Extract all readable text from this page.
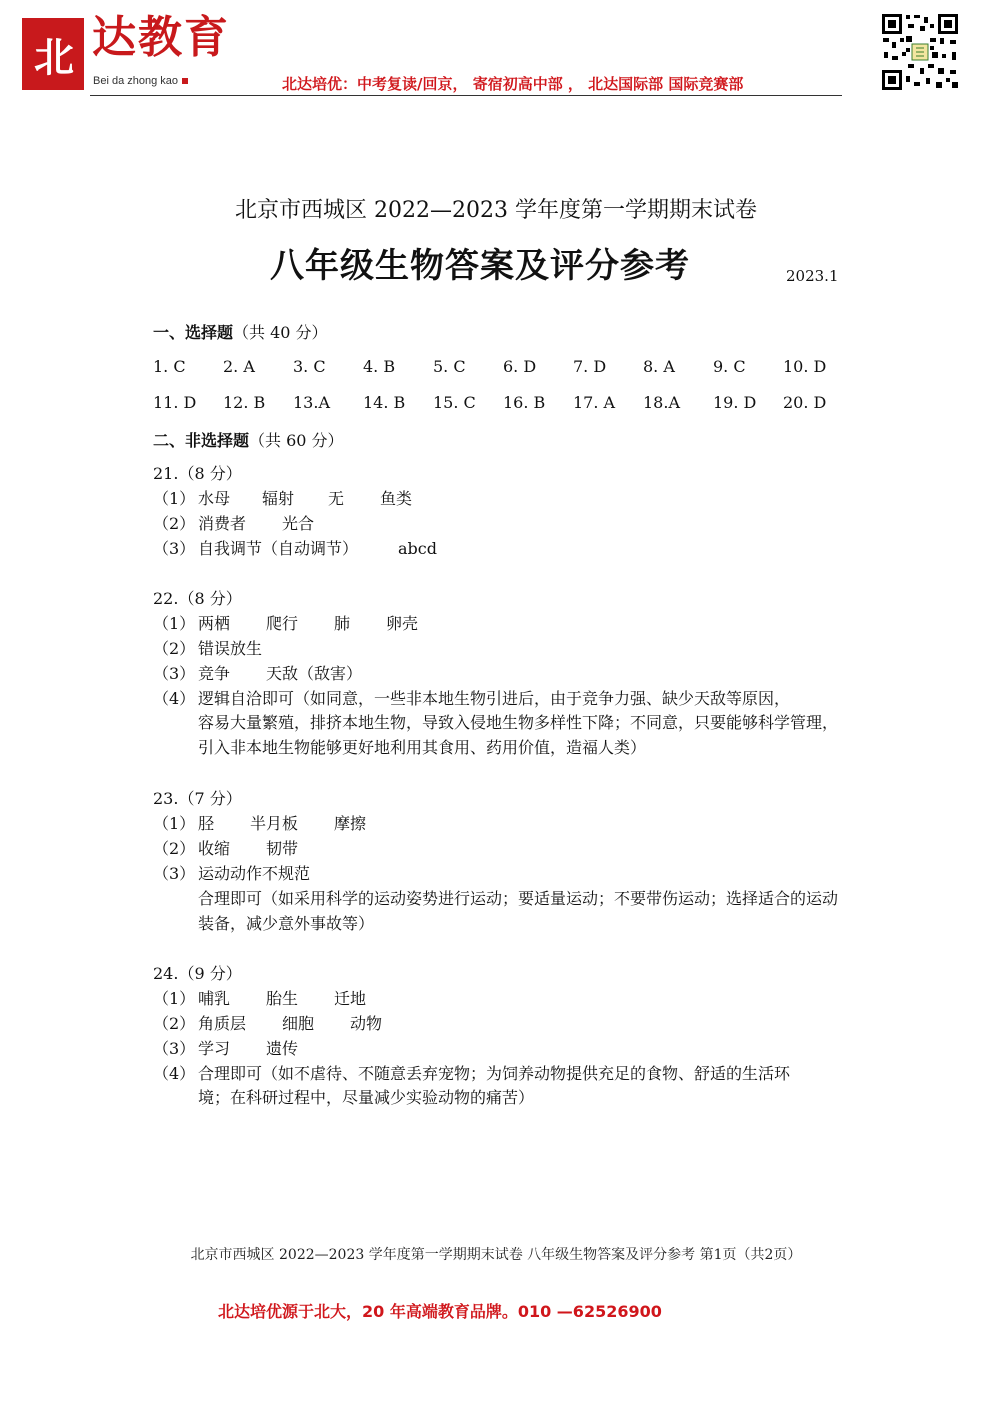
北 达教育
Bei da zhong kao	北达培优：中考复读/回京， 寄宿初高中部 ， 北达国际部 国际竞赛部
北京市西城区 2022—2023 学年度第一学期期末试卷
八年级生物答案及评分参考	2023.1
一、选择题（共 40 分）
1. C 2. A 3. C 4. B 5. C 6. D 7. D 8. A 9. C 10. D
11. D 12. B 13.A 14. B 15. C 16. B 17. A 18.A 19. D 20. D
二、非选择题（共 60 分）
21.（8 分）
（1） 水母 辐射 无 鱼类
（2） 消费者 光合
（3） 自我调节（自动调节）	abcd
22.（8 分）
（1） 两栖 爬行 肺 卵壳
（2） 错误放生
（3） 竞争 天敌（敌害）
（4） 逻辑自洽即可（如同意，一些非本地生物引进后，由于竞争力强、缺少天敌等原因，
容易大量繁殖，排挤本地生物，导致入侵地生物多样性下降；不同意，只要能够科学管理，引入非本地生物能够更好地利用其食用、药用价值，造福人类）
23.（7 分）
（1） 胫 半月板 摩擦
（2） 收缩 韧带
（3） 运动动作不规范
合理即可（如采用科学的运动姿势进行运动；要适量运动；不要带伤运动；选择适合的运动装备，减少意外事故等）
24.（9 分）
（1） 哺乳 胎生 迁地
（2） 角质层 细胞 动物
（3） 学习 遗传
（4） 合理即可（如不虐待、不随意丢弃宠物；为饲养动物提供充足的食物、舒适的生活环
境；在科研过程中，尽量减少实验动物的痛苦）
北京市西城区 2022—2023 学年度第一学期期末试卷 八年级生物答案及评分参考 第1页（共2页）
北达培优源于北大，20 年高端教育品牌。010 —62526900
